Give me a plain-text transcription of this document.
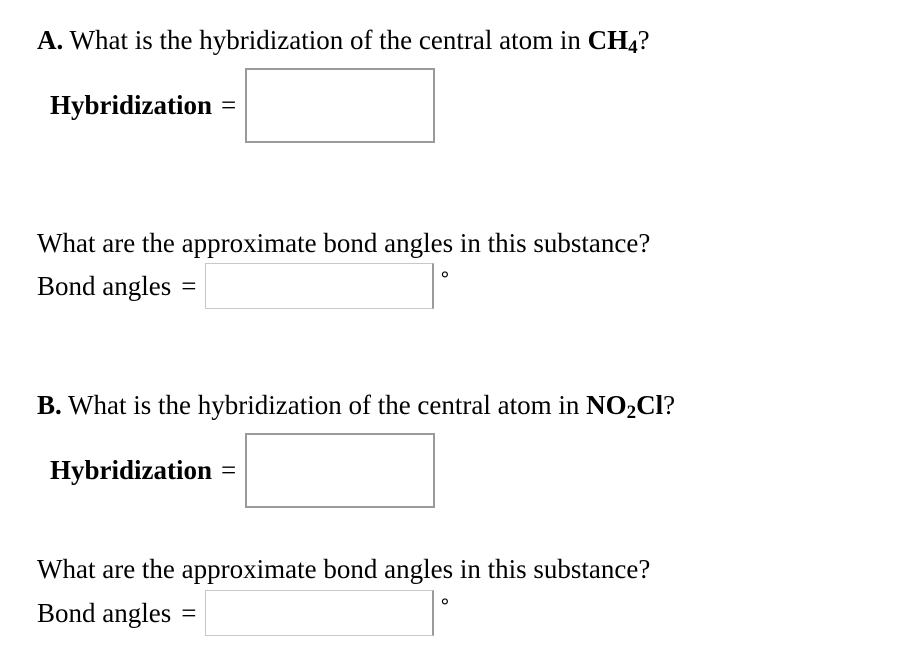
A. What is the hybridization of the central atom in $CH_4$?
Hybridization =
What are the approximate bond angles in this substance?
Bond angles =	°
B. What is the hybridization of the central atom in $NO_2Cl$?
Hybridization =
What are the approximate bond angles in this substance?
Bond angles =	°
